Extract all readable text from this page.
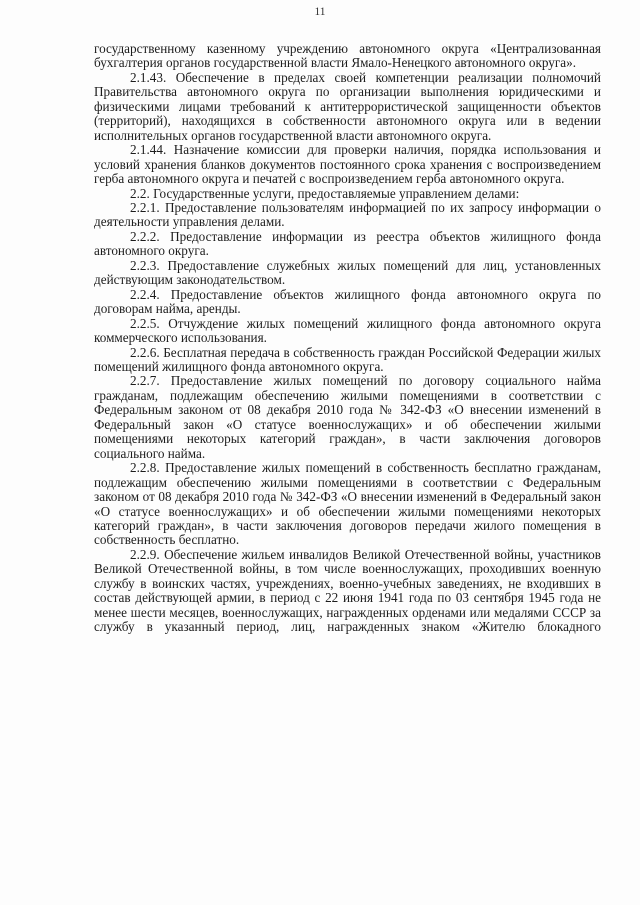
11

государственному казенному учреждению автономного округа «Централизованная бухгалтерия органов государственной власти Ямало-Ненецкого автономного округа».

2.1.43. Обеспечение в пределах своей компетенции реализации полномочий Правительства автономного округа по организации выполнения юридическими и физическими лицами требований к антитеррористической защищенности объектов (территорий), находящихся в собственности автономного округа или в ведении исполнительных органов государственной власти автономного округа.

2.1.44. Назначение комиссии для проверки наличия, порядка использования и условий хранения бланков документов постоянного срока хранения с воспроизведением герба автономного округа и печатей с воспроизведением герба автономного округа.

2.2. Государственные услуги, предоставляемые управлением делами:

2.2.1. Предоставление пользователям информацией по их запросу информации о деятельности управления делами.

2.2.2. Предоставление информации из реестра объектов жилищного фонда автономного округа.

2.2.3. Предоставление служебных жилых помещений для лиц, установленных действующим законодательством.

2.2.4. Предоставление объектов жилищного фонда автономного округа по договорам найма, аренды.

2.2.5. Отчуждение жилых помещений жилищного фонда автономного округа коммерческого использования.

2.2.6. Бесплатная передача в собственность граждан Российской Федерации жилых помещений жилищного фонда автономного округа.

2.2.7. Предоставление жилых помещений по договору социального найма гражданам, подлежащим обеспечению жилыми помещениями в соответствии с Федеральным законом от 08 декабря 2010 года № 342-ФЗ «О внесении изменений в Федеральный закон «О статусе военнослужащих» и об обеспечении жилыми помещениями некоторых категорий граждан», в части заключения договоров социального найма.

2.2.8. Предоставление жилых помещений в собственность бесплатно гражданам, подлежащим обеспечению жилыми помещениями в соответствии с Федеральным законом от 08 декабря 2010 года № 342-ФЗ «О внесении изменений в Федеральный закон «О статусе военнослужащих» и об обеспечении жилыми помещениями некоторых категорий граждан», в части заключения договоров передачи жилого помещения в собственность бесплатно.

2.2.9. Обеспечение жильем инвалидов Великой Отечественной войны, участников Великой Отечественной войны, в том числе военнослужащих, проходивших военную службу в воинских частях, учреждениях, военно-учебных заведениях, не входивших в состав действующей армии, в период с 22 июня 1941 года по 03 сентября 1945 года не менее шести месяцев, военнослужащих, награжденных орденами или медалями СССР за службу в указанный период, лиц, награжденных знаком «Жителю блокадного
